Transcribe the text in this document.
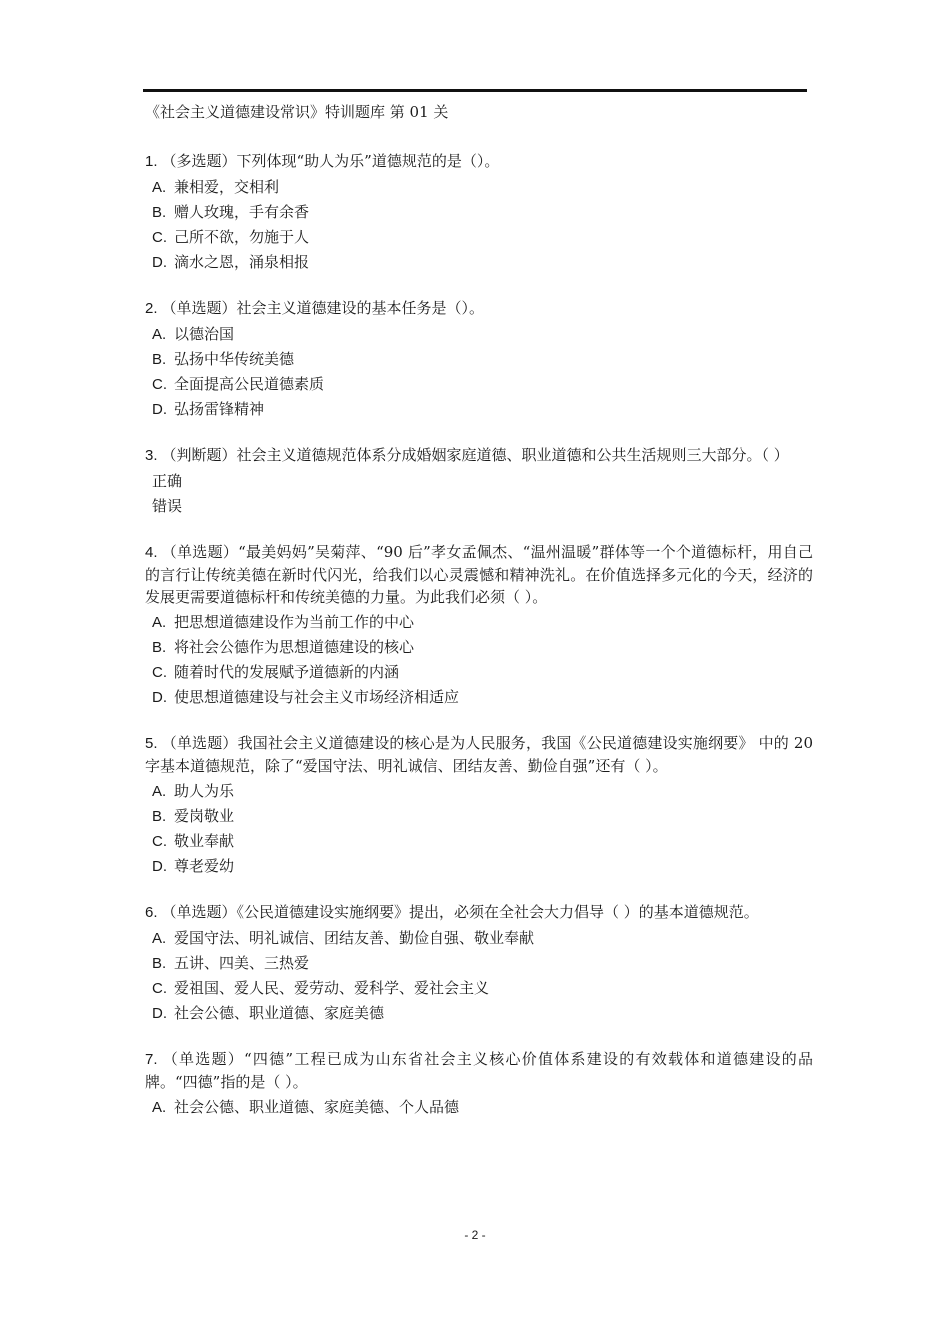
《社会主义道德建设常识》特训题库 第 01 关

1. （多选题）下列体现“助人为乐”道德规范的是（）。

A. 兼相爱，交相利
B. 赠人玫瑰，手有余香
C. 己所不欲，勿施于人
D. 滴水之恩，涌泉相报

2. （单选题）社会主义道德建设的基本任务是（）。

A. 以德治国
B. 弘扬中华传统美德
C. 全面提高公民道德素质
D. 弘扬雷锋精神

3. （判断题）社会主义道德规范体系分成婚姻家庭道德、职业道德和公共生活规则三大部分。（ ）

正确
错误

4. （单选题）“最美妈妈”吴菊萍、“90 后”孝女孟佩杰、“温州温暖”群体等一个个道德标杆，用自己的言行让传统美德在新时代闪光，给我们以心灵震憾和精神洗礼。在价值选择多元化的今天，经济的发展更需要道德标杆和传统美德的力量。为此我们必须（ ）。

A. 把思想道德建设作为当前工作的中心
B. 将社会公德作为思想道德建设的核心
C. 随着时代的发展赋予道德新的内涵
D. 使思想道德建设与社会主义市场经济相适应

5. （单选题）我国社会主义道德建设的核心是为人民服务，我国《公民道德建设实施纲要》 中的 20 字基本道德规范，除了“爱国守法、明礼诚信、团结友善、勤俭自强”还有（ ）。

A. 助人为乐
B. 爱岗敬业
C. 敬业奉献
D. 尊老爱幼

6. （单选题）《公民道德建设实施纲要》提出，必须在全社会大力倡导（ ）的基本道德规范。

A. 爱国守法、明礼诚信、团结友善、勤俭自强、敬业奉献
B. 五讲、四美、三热爱
C. 爱祖国、爱人民、爱劳动、爱科学、爱社会主义
D. 社会公德、职业道德、家庭美德

7. （单选题）“四德”工程已成为山东省社会主义核心价值体系建设的有效载体和道德建设的品牌。“四德”指的是（ ）。

A. 社会公德、职业道德、家庭美德、个人品德
- 2 -
